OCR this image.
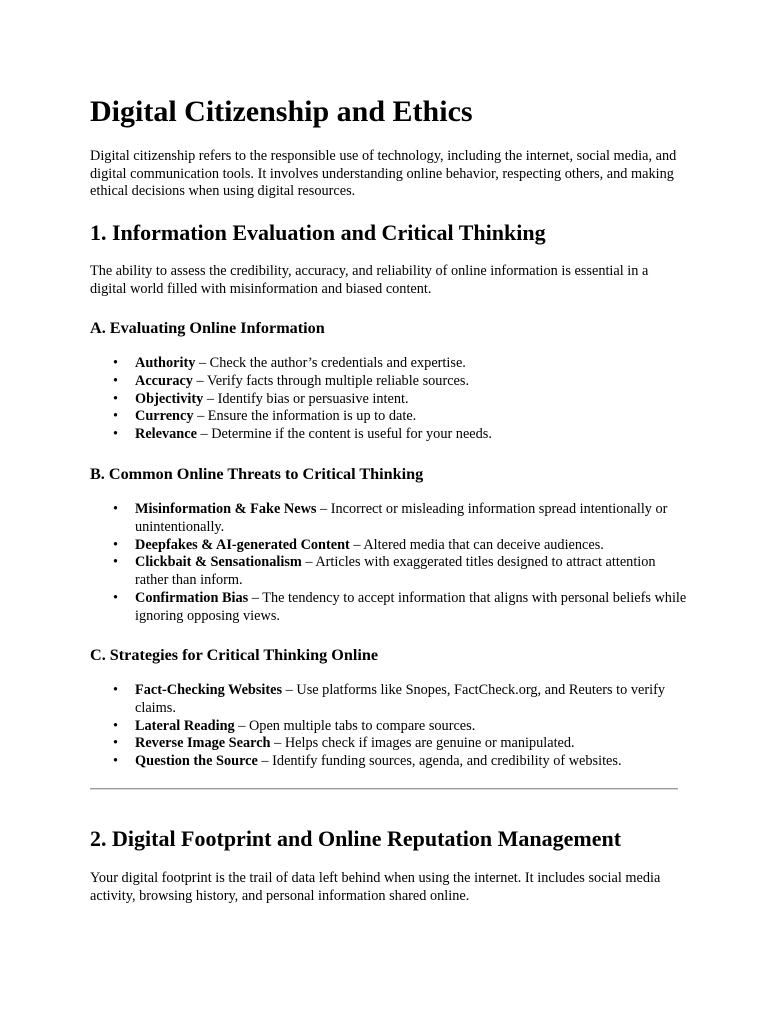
Digital Citizenship and Ethics

Digital citizenship refers to the responsible use of technology, including the internet, social media, and digital communication tools. It involves understanding online behavior, respecting others, and making ethical decisions when using digital resources.

1. Information Evaluation and Critical Thinking

The ability to assess the credibility, accuracy, and reliability of online information is essential in a digital world filled with misinformation and biased content.

A. Evaluating Online Information
• Authority – Check the author’s credentials and expertise.
• Accuracy – Verify facts through multiple reliable sources.
• Objectivity – Identify bias or persuasive intent.
• Currency – Ensure the information is up to date.
• Relevance – Determine if the content is useful for your needs.
B. Common Online Threats to Critical Thinking
• Misinformation & Fake News – Incorrect or misleading information spread intentionally or unintentionally.
• Deepfakes & AI-generated Content – Altered media that can deceive audiences.
• Clickbait & Sensationalism – Articles with exaggerated titles designed to attract attention rather than inform.
• Confirmation Bias – The tendency to accept information that aligns with personal beliefs while ignoring opposing views.
C. Strategies for Critical Thinking Online
• Fact-Checking Websites – Use platforms like Snopes, FactCheck.org, and Reuters to verify claims.
• Lateral Reading – Open multiple tabs to compare sources.
• Reverse Image Search – Helps check if images are genuine or manipulated.
• Question the Source – Identify funding sources, agenda, and credibility of websites.
2. Digital Footprint and Online Reputation Management

Your digital footprint is the trail of data left behind when using the internet. It includes social media activity, browsing history, and personal information shared online.
